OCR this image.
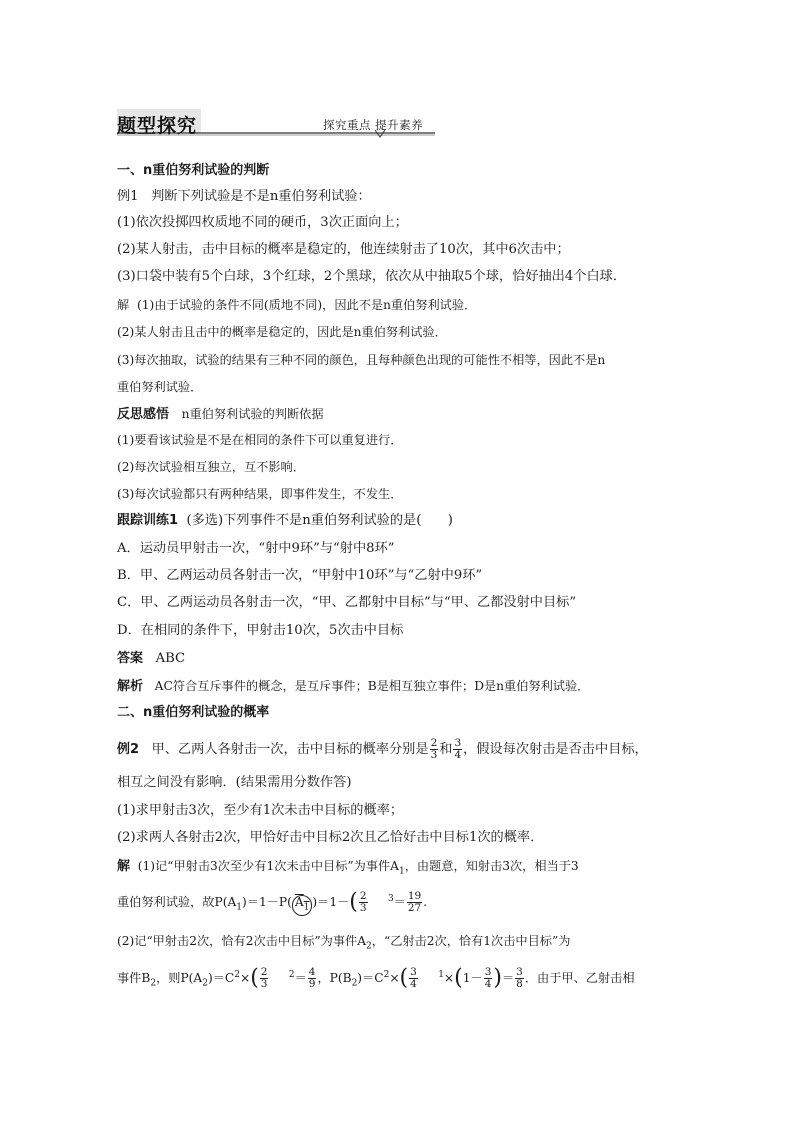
题型探究	探究重点 提升素养
一、n重伯努利试验的判断
例1 判断下列试验是不是n重伯努利试验：
(1)依次投掷四枚质地不同的硬币，3次正面向上；
(2)某人射击，击中目标的概率是稳定的，他连续射击了10次，其中6次击中；
(3)口袋中装有5个白球，3个红球，2个黑球，依次从中抽取5个球，恰好抽出4个白球．
解 (1)由于试验的条件不同(质地不同)，因此不是n重伯努利试验．
(2)某人射击且击中的概率是稳定的，因此是n重伯努利试验．
(3)每次抽取，试验的结果有三种不同的颜色，且每种颜色出现的可能性不相等，因此不是n
重伯努利试验．
反思感悟 n重伯努利试验的判断依据
(1)要看该试验是不是在相同的条件下可以重复进行．
(2)每次试验相互独立，互不影响．
(3)每次试验都只有两种结果，即事件发生，不发生．
跟踪训练1 (多选)下列事件不是n重伯努利试验的是(　　)
A．运动员甲射击一次，“射中9环”与“射中8环”
B．甲、乙两运动员各射击一次，“甲射中10环”与“乙射中9环”
C．甲、乙两运动员各射击一次，“甲、乙都射中目标”与“甲、乙都没射中目标”
D．在相同的条件下，甲射击10次，5次击中目标
答案 ABC
解析 AC符合互斥事件的概念，是互斥事件；B是相互独立事件；D是n重伯努利试验．
二、n重伯努利试验的概率
例2 甲、乙两人各射击一次，击中目标的概率分别是 $\frac{2}{3}$ 和 $\frac{3}{4}$ ，假设每次射击是否击中目标，
相互之间没有影响．(结果需用分数作答)
(1)求甲射击3次，至少有1次未击中目标的概率；
(2)求两人各射击2次，甲恰好击中目标2次且乙恰好击中目标1次的概率．
解 (1)记“甲射击3次至少有1次未击中目标”为事件$A_1$，由题意，知射击3次，相当于3
重伯努利试验，故$P(A_1)=1-P$( $A_1$ )$=1-( \frac{2}{3} ^3= \frac{19}{27}$ .
(2)记“甲射击2次，恰有2次击中目标”为事件$A_2$，“乙射击2次，恰有1次击中目标”为
事件$B_2$，则$P(A_2)=C^2\times( \frac{2}{3} ^2= \frac{4}{9}$ ，$P(B_2)=C^2\times( \frac{3}{4} ^1\times(1- \frac{3}{4}$ )＝ $\frac{3}{8}$ ．由于甲、乙射击相
